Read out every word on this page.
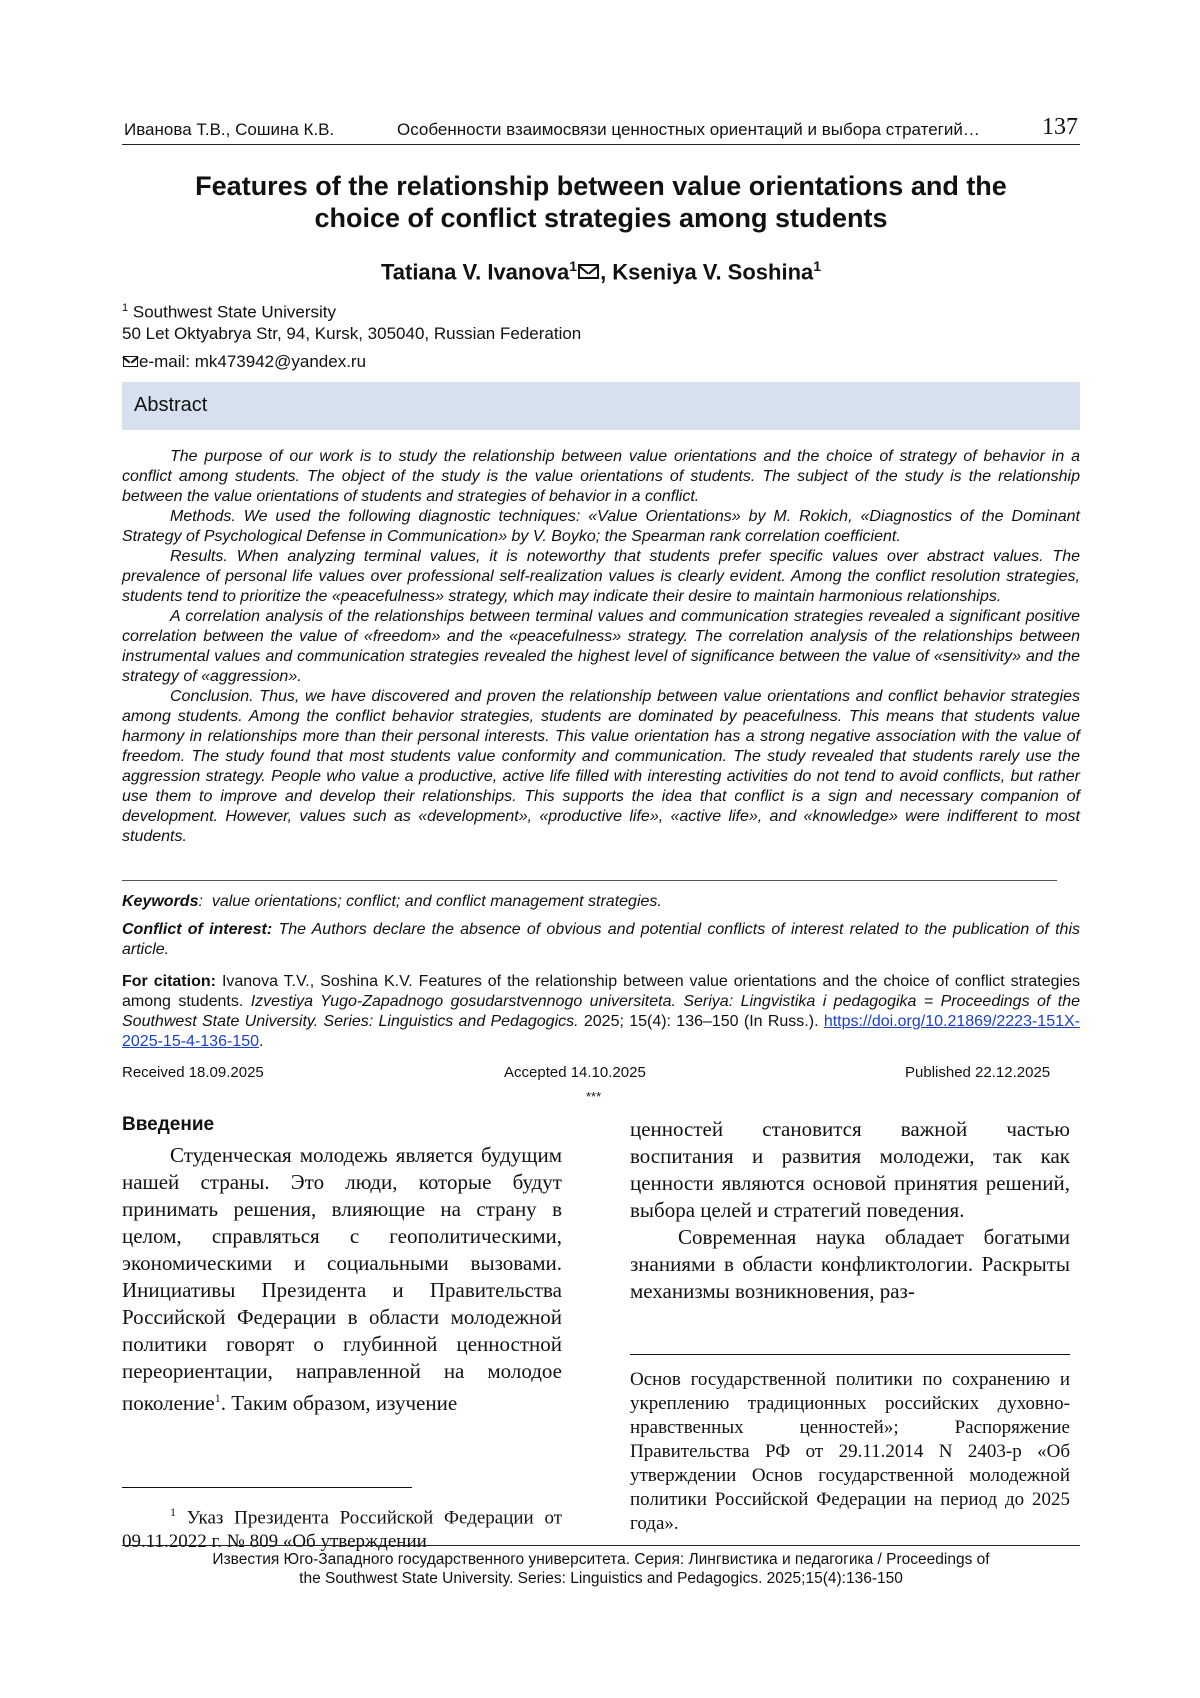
Иванова Т.В., Сошина К.В.	Особенности взаимосвязи ценностных ориентаций и выбора стратегий…	137
Features of the relationship between value orientations and the
choice of conflict strategies among students
Tatiana V. Ivanova$^1$ , Kseniya V. Soshina$^1$
$^1$ Southwest State University
50 Let Oktyabrya Str, 94, Kursk, 305040, Russian Federation
e-mail: mk473942@yandex.ru
Abstract

The purpose of our work is to study the relationship between value orientations and the choice of strategy of behavior in a conflict among students. The object of the study is the value orientations of students. The subject of the study is the relationship between the value orientations of students and strategies of behavior in a conflict.

Methods. We used the following diagnostic techniques: «Value Orientations» by M. Rokich, «Diagnostics of the Dominant Strategy of Psychological Defense in Communication» by V. Boyko; the Spearman rank correlation coefficient.

Results. When analyzing terminal values, it is noteworthy that students prefer specific values over abstract values. The prevalence of personal life values over professional self-realization values is clearly evident. Among the conflict resolution strategies, students tend to prioritize the «peacefulness» strategy, which may indicate their desire to maintain harmonious relationships.

A correlation analysis of the relationships between terminal values and communication strategies revealed a significant positive correlation between the value of «freedom» and the «peacefulness» strategy. The correlation analysis of the relationships between instrumental values and communication strategies revealed the highest level of significance between the value of «sensitivity» and the strategy of «aggression».

Conclusion. Thus, we have discovered and proven the relationship between value orientations and conflict behavior strategies among students. Among the conflict behavior strategies, students are dominated by peacefulness. This means that students value harmony in relationships more than their personal interests. This value orientation has a strong negative association with the value of freedom. The study found that most students value conformity and communication. The study revealed that students rarely use the aggression strategy. People who value a productive, active life filled with interesting activities do not tend to avoid conflicts, but rather use them to improve and develop their relationships. This supports the idea that conflict is a sign and necessary companion of development. However, values such as «development», «productive life», «active life», and «knowledge» were indifferent to most students.

Keywords:  value orientations; conflict; and conflict management strategies.
Conflict of interest: The Authors declare the absence of obvious and potential conflicts of interest related to the publication of this article.
For citation: Ivanova T.V., Soshina K.V. Features of the relationship between value orientations and the choice of conflict strategies among students. Izvestiya Yugo-Zapadnogo gosudarstvennogo universiteta. Seriya: Lingvistika i pedagogika = Proceedings of the Southwest State University. Series: Linguistics and Pedagogics. 2025; 15(4): 136–150 (In Russ.). https://doi.org/10.21869/2223-151X-2025-15-4-136-150.
Received 18.09.2025	Accepted 14.10.2025	Published 22.12.2025
***
Введение

Студенческая молодежь является будущим нашей страны. Это люди, которые будут принимать решения, влияющие на страну в целом, справляться с геополитическими, экономическими и социальными вызовами. Инициативы Президента и Правительства Российской Федерации в области молодежной политики говорят о глубинной ценностной переориентации, направленной на молодое поколение$^1$. Таким образом, изучение

ценностей становится важной частью воспитания и развития молодежи, так как ценности являются основой принятия решений, выбора целей и стратегий поведения.

Современная наука обладает богатыми знаниями в области конфликтологии. Раскрыты механизмы возникновения, раз-

$^1$ Указ Президента Российской Федерации от 09.11.2022 г. № 809 «Об утверждении
Основ государственной политики по сохранению и укреплению традиционных российских духовно-нравственных ценностей»; Распоряжение Правительства РФ от 29.11.2014 N 2403-р «Об утверждении Основ государственной молодежной политики Российской Федерации на период до 2025 года».
Известия Юго-Западного государственного университета. Серия: Лингвистика и педагогика / Proceedings of
the Southwest State University. Series: Linguistics and Pedagogics. 2025;15(4):136-150
